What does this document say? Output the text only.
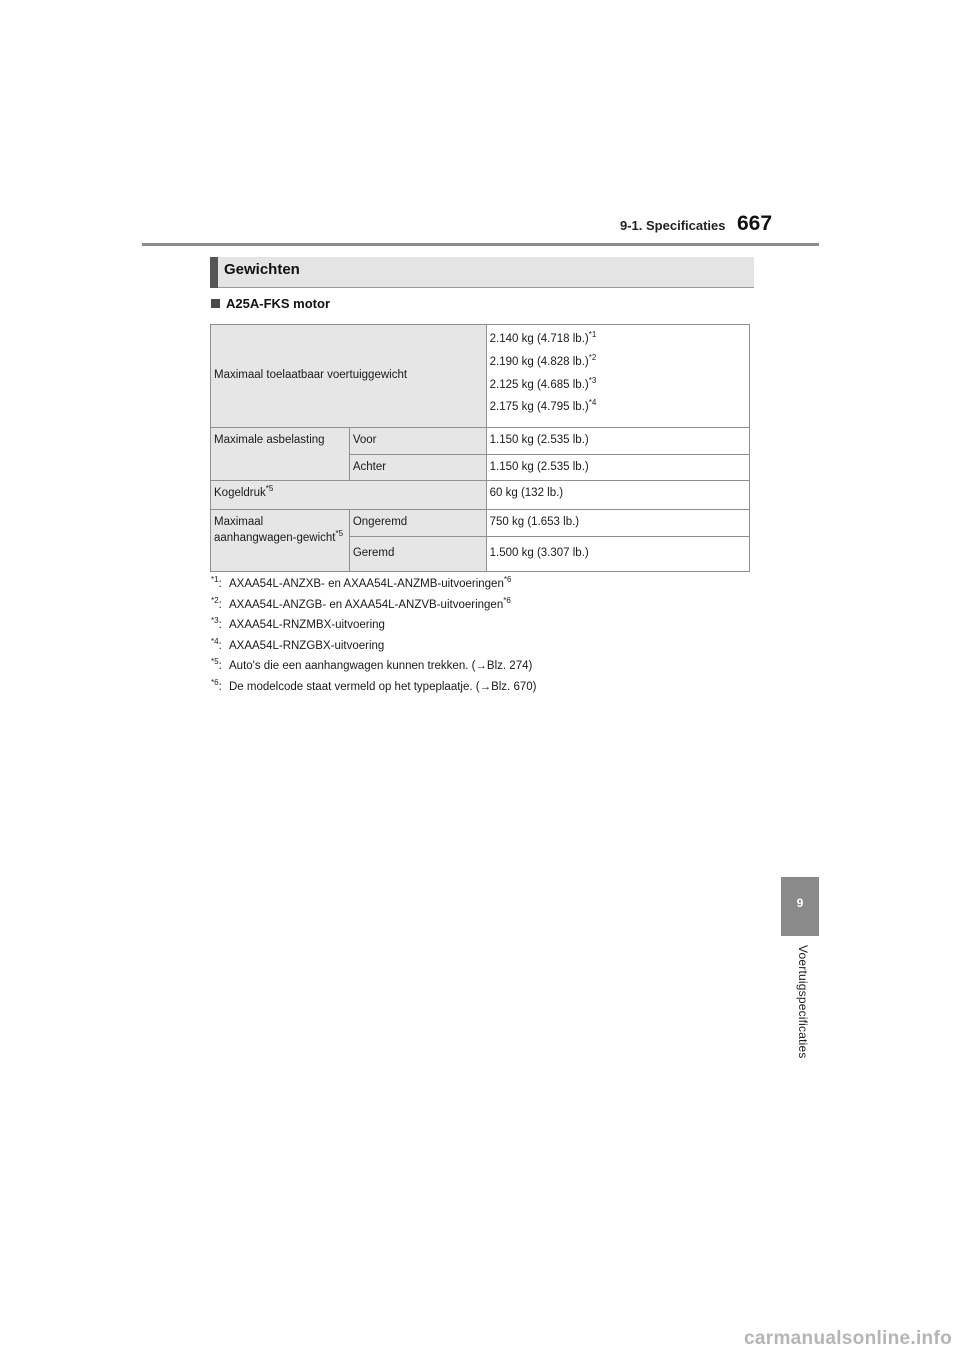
9-1. Specificaties 667
Gewichten
A25A-FKS motor
Maximaal toelaatbaar voertuiggewicht		2.140 kg (4.718 lb.)$^{*1}$
2.190 kg (4.828 lb.)$^{*2}$
2.125 kg (4.685 lb.)$^{*3}$
2.175 kg (4.795 lb.)$^{*4}$

Maximale asbelasting	Voor	1.150 kg (2.535 lb.)
	Achter	1.150 kg (2.535 lb.)
Kogeldruk$^{*5}$		60 kg (132 lb.)
Maximaal aanhangwagen-gewicht$^{*5}$	Ongeremd	750 kg (1.653 lb.)
	Geremd	1.500 kg (3.307 lb.)
$^{*1}$: AXAA54L-ANZXB- en AXAA54L-ANZMB-uitvoeringen$^{*6}$
$^{*2}$: AXAA54L-ANZGB- en AXAA54L-ANZVB-uitvoeringen$^{*6}$
$^{*3}$: AXAA54L-RNZMBX-uitvoering
$^{*4}$: AXAA54L-RNZGBX-uitvoering
$^{*5}$: Auto's die een aanhangwagen kunnen trekken. (→Blz. 274)
$^{*6}$: De modelcode staat vermeld op het typeplaatje. (→Blz. 670)
9
Voertuigspecificaties
carmanualsonline.info
